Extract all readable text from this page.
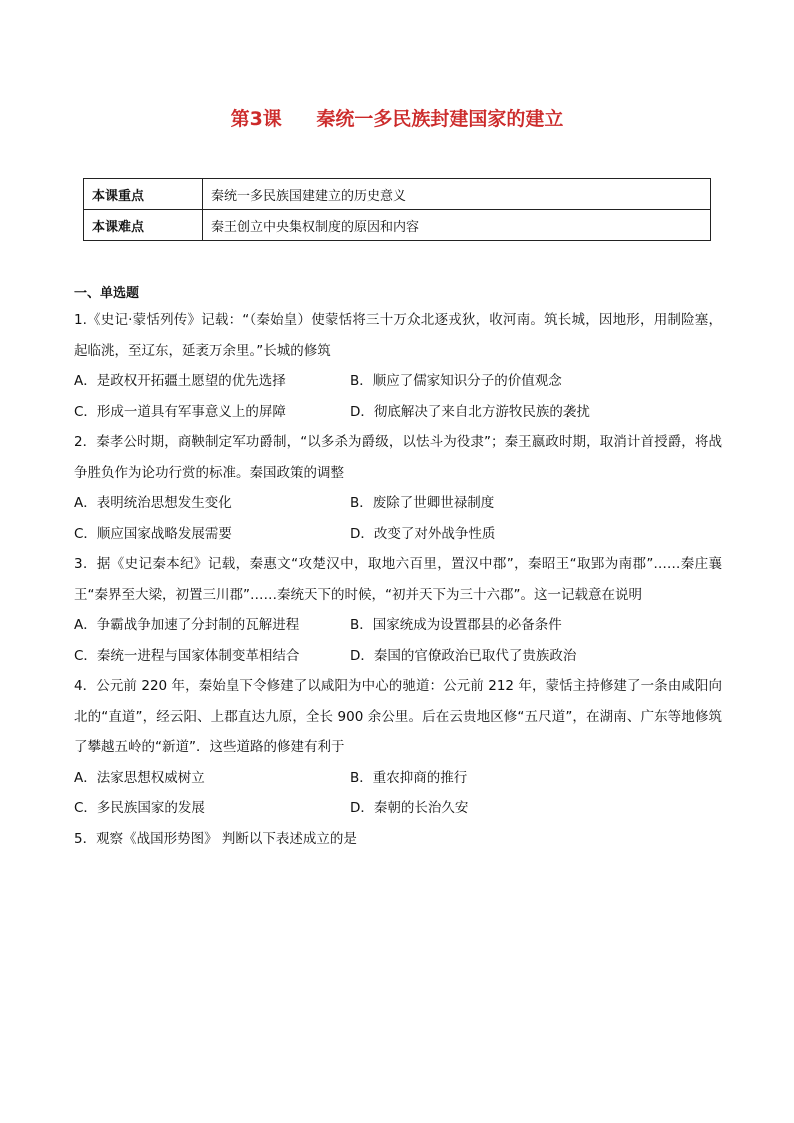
第3课 秦统一多民族封建国家的建立
本课重点	秦统一多民族国建建立的历史意义
本课难点	秦王创立中央集权制度的原因和内容
一、单选题
1.《史记·蒙恬列传》记载：“（秦始皇）使蒙恬将三十万众北逐戎狄，收河南。筑长城，因地形，用制险塞，起临洮，至辽东，延袤万余里。”长城的修筑
A．是政权开拓疆土愿望的优先选择	B．顺应了儒家知识分子的价值观念
C．形成一道具有军事意义上的屏障	D．彻底解决了来自北方游牧民族的袭扰
2．秦孝公时期，商鞅制定军功爵制，“以多杀为爵级，以怯斗为役隶”；秦王嬴政时期，取消计首授爵，将战争胜负作为论功行赏的标准。秦国政策的调整
A．表明统治思想发生变化	B．废除了世卿世禄制度
C．顺应国家战略发展需要	D．改变了对外战争性质
3．据《史记秦本纪》记载，秦惠文“攻楚汉中，取地六百里，置汉中郡”，秦昭王“取郢为南郡”……秦庄襄王“秦界至大梁，初置三川郡”……秦统天下的时候，“初并天下为三十六郡”。这一记载意在说明
A．争霸战争加速了分封制的瓦解进程	B．国家统成为设置郡县的必备条件
C．秦统一进程与国家体制变革相结合	D．秦国的官僚政治已取代了贵族政治
4．公元前 220 年，秦始皇下令修建了以咸阳为中心的驰道：公元前 212 年，蒙恬主持修建了一条由咸阳向北的“直道”，经云阳、上郡直达九原，全长 900 余公里。后在云贵地区修“五尺道”，在湖南、广东等地修筑了攀越五岭的“新道”．这些道路的修建有利于
A．法家思想权威树立	B．重农抑商的推行
C．多民族国家的发展	D．秦朝的长治久安
5．观察《战国形势图》 判断以下表述成立的是
